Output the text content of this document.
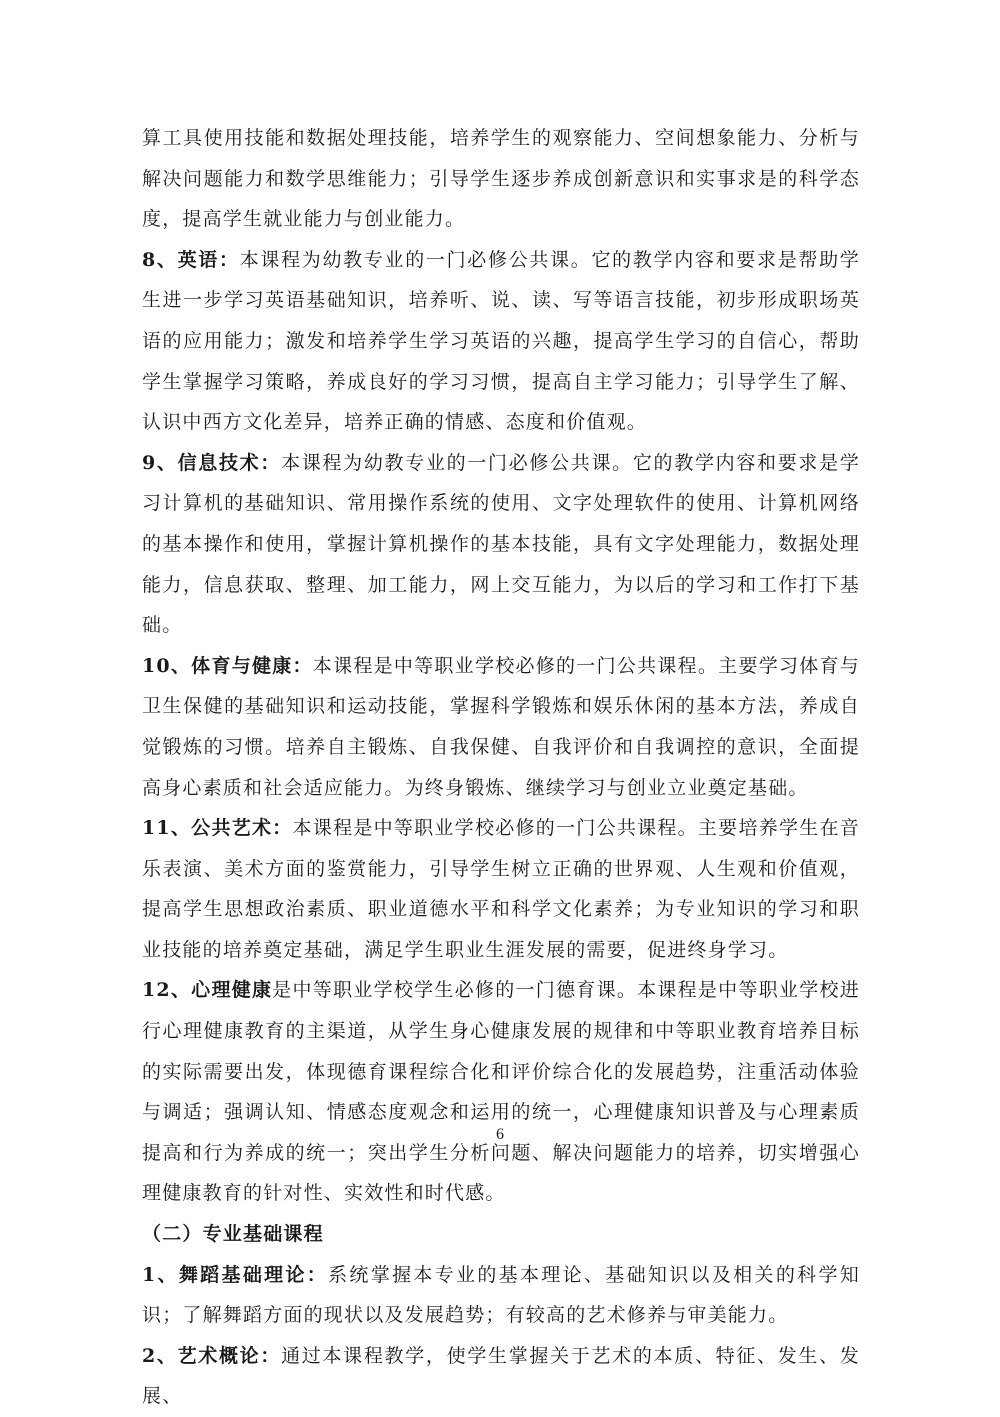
算工具使用技能和数据处理技能，培养学生的观察能力、空间想象能力、分析与解决问题能力和数学思维能力；引导学生逐步养成创新意识和实事求是的科学态度，提高学生就业能力与创业能力。

8、英语：本课程为幼教专业的一门必修公共课。它的教学内容和要求是帮助学生进一步学习英语基础知识，培养听、说、读、写等语言技能，初步形成职场英语的应用能力；激发和培养学生学习英语的兴趣，提高学生学习的自信心，帮助学生掌握学习策略，养成良好的学习习惯，提高自主学习能力；引导学生了解、认识中西方文化差异，培养正确的情感、态度和价值观。

9、信息技术：本课程为幼教专业的一门必修公共课。它的教学内容和要求是学习计算机的基础知识、常用操作系统的使用、文字处理软件的使用、计算机网络的基本操作和使用，掌握计算机操作的基本技能，具有文字处理能力，数据处理能力，信息获取、整理、加工能力，网上交互能力，为以后的学习和工作打下基础。

10、体育与健康：本课程是中等职业学校必修的一门公共课程。主要学习体育与卫生保健的基础知识和运动技能，掌握科学锻炼和娱乐休闲的基本方法，养成自觉锻炼的习惯。培养自主锻炼、自我保健、自我评价和自我调控的意识，全面提高身心素质和社会适应能力。为终身锻炼、继续学习与创业立业奠定基础。

11、公共艺术：本课程是中等职业学校必修的一门公共课程。主要培养学生在音乐表演、美术方面的鉴赏能力，引导学生树立正确的世界观、人生观和价值观，提高学生思想政治素质、职业道德水平和科学文化素养；为专业知识的学习和职业技能的培养奠定基础，满足学生职业生涯发展的需要，促进终身学习。

12、心理健康是中等职业学校学生必修的一门德育课。本课程是中等职业学校进行心理健康教育的主渠道，从学生身心健康发展的规律和中等职业教育培养目标的实际需要出发，体现德育课程综合化和评价综合化的发展趋势，注重活动体验与调适；强调认知、情感态度观念和运用的统一，心理健康知识普及与心理素质提高和行为养成的统一；突出学生分析问题、解决问题能力的培养，切实增强心理健康教育的针对性、实效性和时代感。

（二）专业基础课程

1、舞蹈基础理论：系统掌握本专业的基本理论、基础知识以及相关的科学知识；了解舞蹈方面的现状以及发展趋势；有较高的艺术修养与审美能力。

2、艺术概论：通过本课程教学，使学生掌握关于艺术的本质、特征、发生、发展、

6
